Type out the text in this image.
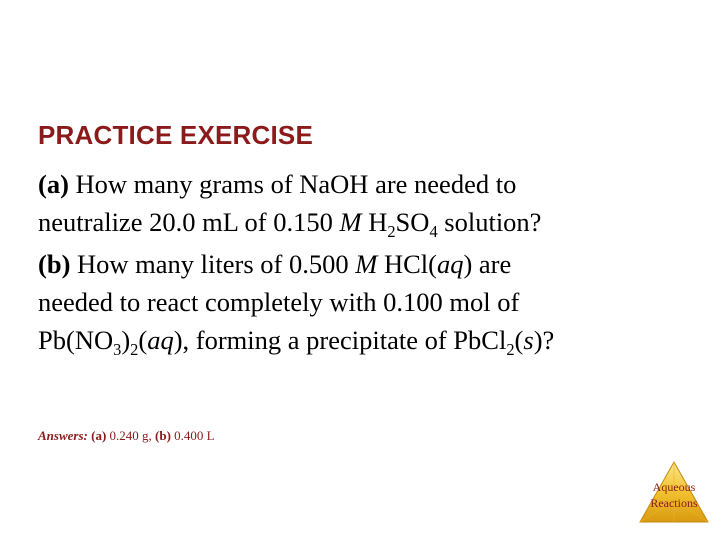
PRACTICE EXERCISE
(a) How many grams of NaOH are needed to
neutralize 20.0 mL of 0.150 M $H_2SO_4$ solution?
(b) How many liters of 0.500 M HCl(aq) are
needed to react completely with 0.100 mol of
$Pb(NO_3)_2(aq)$, forming a precipitate of PbCl$_2$(s)?
Answers: (a) 0.240 g, (b) 0.400 L
Aqueous
Reactions
